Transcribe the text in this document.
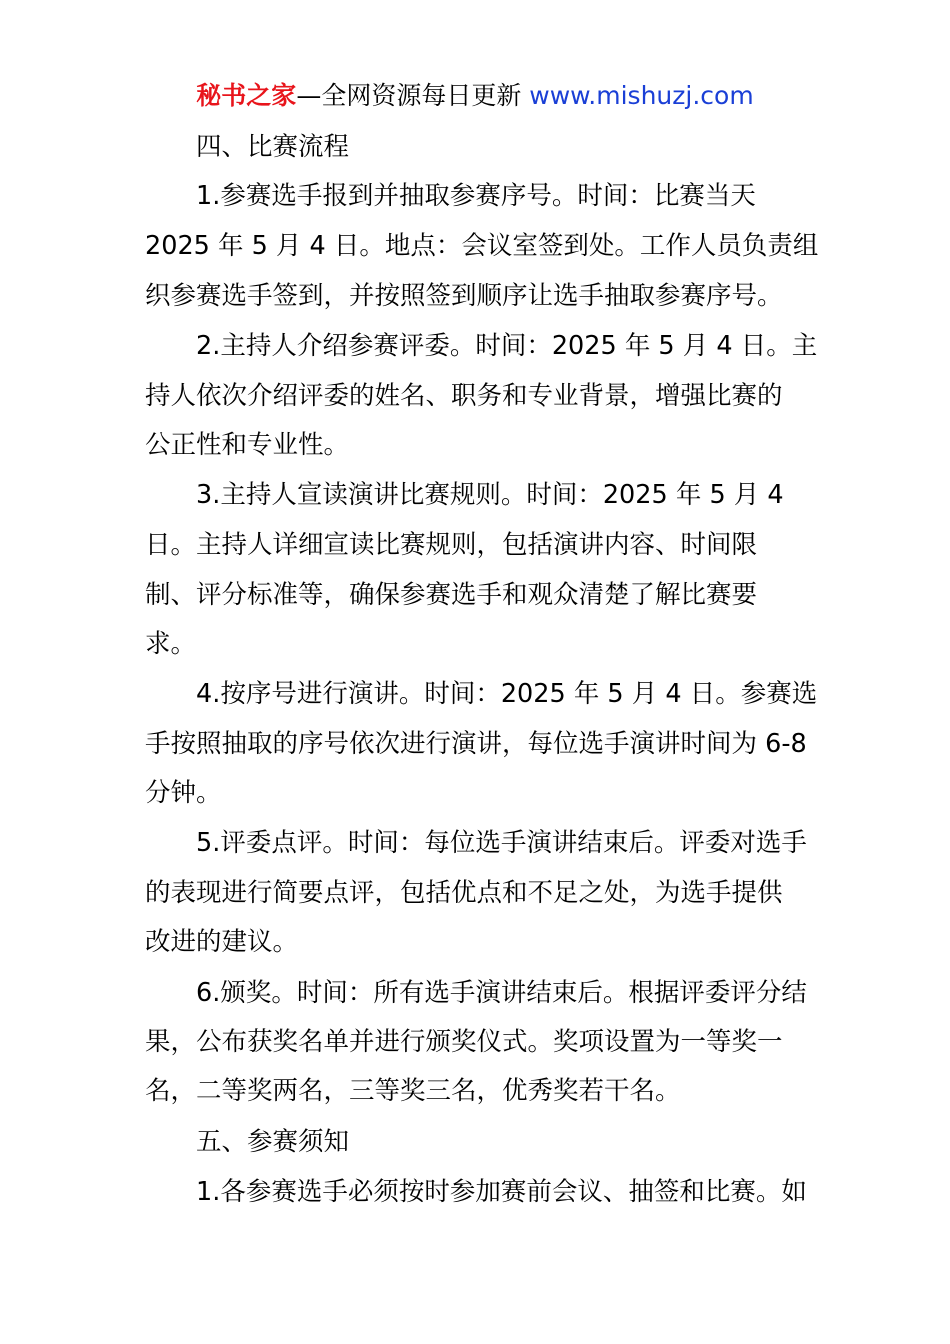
秘书之家—全网资源每日更新 www.mishuzj.com
四、比赛流程
1.参赛选手报到并抽取参赛序号。时间：比赛当天
2025 年 5 月 4 日。地点：会议室签到处。工作人员负责组
织参赛选手签到，并按照签到顺序让选手抽取参赛序号。
2.主持人介绍参赛评委。时间：2025 年 5 月 4 日。主
持人依次介绍评委的姓名、职务和专业背景，增强比赛的
公正性和专业性。
3.主持人宣读演讲比赛规则。时间：2025 年 5 月 4
日。主持人详细宣读比赛规则，包括演讲内容、时间限
制、评分标准等，确保参赛选手和观众清楚了解比赛要
求。
4.按序号进行演讲。时间：2025 年 5 月 4 日。参赛选
手按照抽取的序号依次进行演讲，每位选手演讲时间为 6-8
分钟。
5.评委点评。时间：每位选手演讲结束后。评委对选手
的表现进行简要点评，包括优点和不足之处，为选手提供
改进的建议。
6.颁奖。时间：所有选手演讲结束后。根据评委评分结
果，公布获奖名单并进行颁奖仪式。奖项设置为一等奖一
名，二等奖两名，三等奖三名，优秀奖若干名。
五、参赛须知
1.各参赛选手必须按时参加赛前会议、抽签和比赛。如
